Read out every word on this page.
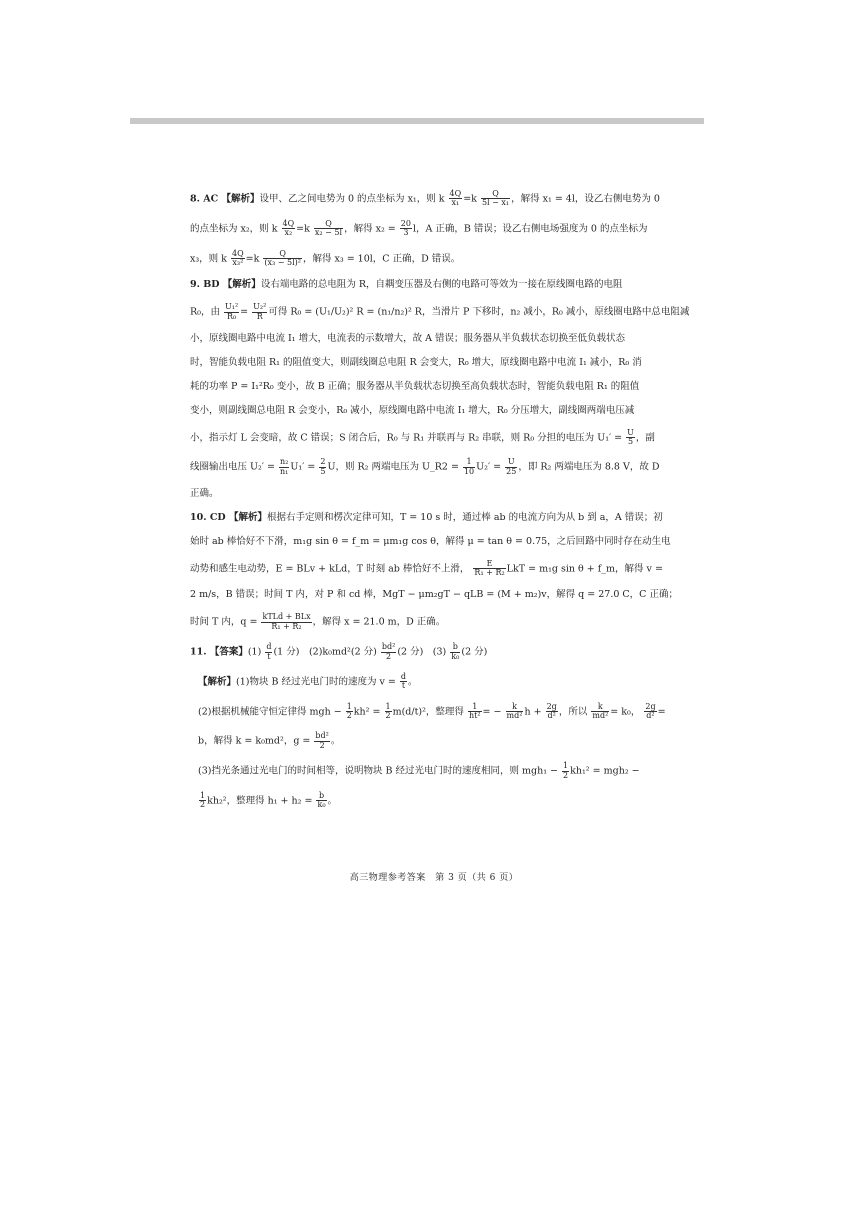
8. AC 【解析】设甲、乙之间电势为 0 的点坐标为 x₁，则 k $\frac{4Q}{\text{x₁}} =k \frac{Q}{\text{5l − x₁}}$ ，解得 x₁ = 4l，设乙右侧电势为 0
的点坐标为 x₂，则 k $\frac{4Q}{\text{x₂}} =k \frac{Q}{\text{x₂ − 5l}}$ ，解得 $x_2 = \frac{20}{3}$ l，A 正确，B 错误；设乙右侧电场强度为 0 的点坐标为
x₃，则 k $\frac{4Q}{\text{x₃²}} =k \frac{Q}{\text{(x₃ − 5l)²}}$ ，解得 x₃ = 10l，C 正确，D 错误。
9. BD 【解析】设右端电路的总电阻为 R，自耦变压器及右侧的电路可等效为一接在原线圈电路的电阻
R₀，由 $\frac{\text{U₁²}}{\text{R₀}} = \frac{\text{U₂²}}{R}$ 可得 R₀ = (U₁/U₂)² R = (n₁/n₂)² R，当滑片 P 下移时，n₂ 减小，R₀ 减小，原线圈电路中总电阻减
小，原线圈电路中电流 I₁ 增大，电流表的示数增大，故 A 错误；服务器从半负载状态切换至低负载状态
时，智能负载电阻 R₁ 的阻值变大，则副线圈总电阻 R 会变大，R₀ 增大，原线圈电路中电流 I₁ 减小，R₀ 消
耗的功率 P = I₁²R₀ 变小，故 B 正确；服务器从半负载状态切换至高负载状态时，智能负载电阻 R₁ 的阻值
变小，则副线圈总电阻 R 会变小，R₀ 减小，原线圈电路中电流 I₁ 增大，R₀ 分压增大，副线圈两端电压减
小，指示灯 L 会变暗，故 C 错误；S 闭合后，R₀ 与 R₁ 并联再与 R₂ 串联，则 R₀ 分担的电压为 $U_1' = \frac{U}{5}$ ，副
线圈输出电压 $U_2' = \frac{\text{n₂}}{\text{n₁}} U_1' = \frac{2}{5}$ U，则 R₂ 两端电压为 U_R2 = $\frac{1}{10} U_2' = \frac{U}{25}$ ，即 R₂ 两端电压为 8.8 V，故 D
正确。
10. CD 【解析】根据右手定则和楞次定律可知，T = 10 s 时，通过棒 ab 的电流方向为从 b 到 a，A 错误；初
始时 ab 棒恰好不下滑，m₁g sin θ = f_m = μm₁g cos θ，解得 μ = tan θ = 0.75，之后回路中同时存在动生电
动势和感生电动势，E = BLv + kLd，T 时刻 ab 棒恰好不上滑， $\frac{E}{\text{R₁ + R₂}}$ LkT = m₁g sin θ + f_m，解得 v =
2 m/s，B 错误；时间 T 内，对 P 和 cd 棒，MgT − μm₂gT − qLB = (M + m₂)v，解得 q = 27.0 C，C 正确；
时间 T 内，$q = \frac{\text{kTLd + BLx}}{\text{R₁ + R₂}}$ ，解得 x = 21.0 m，D 正确。
11. 【答案】$(1) \frac{d}{t} (1$ 分)　(2)k₀md²(2 分) $\frac{\text{bd²}}{2} (2$ 分)　$(3) \frac{b}{\text{k₀}} (2$ 分)
【解析】(1)物块 B 经过光电门时的速度为 $v = \frac{d}{t}$ 。
(2)根据机械能守恒定律得 mgh − $\frac{1}{2} kh^2 = \frac{1}{2} m(d/t)^2$，整理得 $\frac{1}{\text{ht²}}$ = − $\frac{k}{\text{md²}}$ $h + \frac{2g}{\text{d²}}$ ，所以 $\frac{k}{\text{md²}} = k_0$， $\frac{2g}{\text{d²}}$ =
b，解得 k = k₀md²，$g = \frac{\text{bd²}}{2}$ 。
(3)挡光条通过光电门的时间相等，说明物块 B 经过光电门时的速度相同，则 $mgh_1 - \frac{1}{2} kh_1^2 = mgh_2$ −
$\frac{1}{2} kh_2^2$，整理得 $h_1 + h_2 = \frac{b}{\text{k₀}}$ 。
高三物理参考答案　第 3 页（共 6 页）
